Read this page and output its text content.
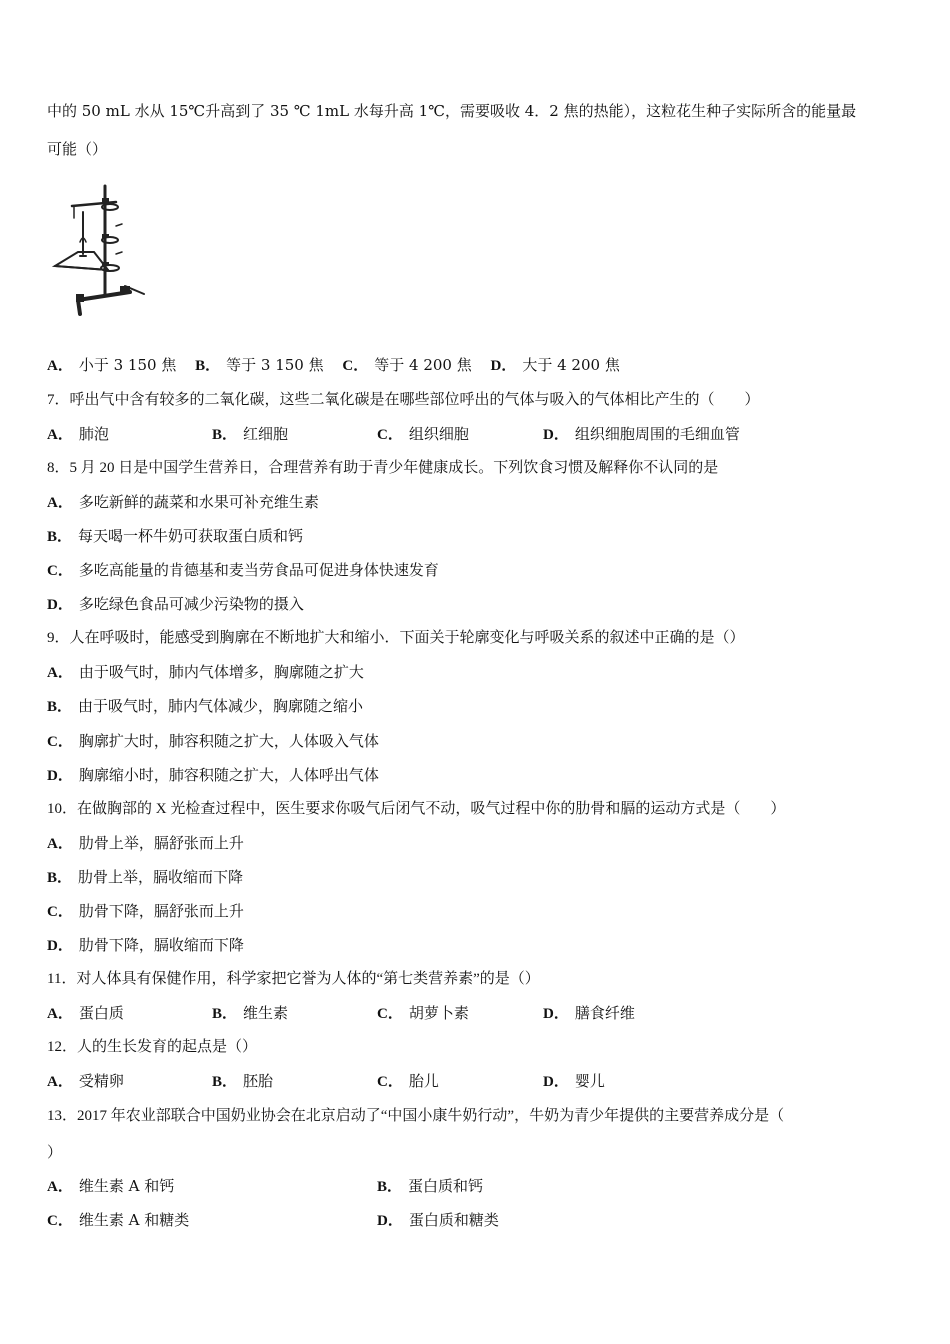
中的 50 mL 水从 15℃升高到了 35 ℃ 1mL 水每升高 1℃，需要吸收 4．2 焦的热能），这粒花生种子实际所含的能量最
可能（）
A． 小于 3 150 焦 B． 等于 3 150 焦 C． 等于 4 200 焦 D． 大于 4 200 焦
7．呼出气中含有较多的二氧化碳，这些二氧化碳是在哪些部位呼出的气体与吸入的气体相比产生的（　　）
A． 肺泡	B． 红细胞	C． 组织细胞	D． 组织细胞周围的毛细血管
8．5 月 20 日是中国学生营养日，合理营养有助于青少年健康成长。下列饮食习惯及解释你不认同的是
A． 多吃新鲜的蔬菜和水果可补充维生素
B． 每天喝一杯牛奶可获取蛋白质和钙
C． 多吃高能量的肯德基和麦当劳食品可促进身体快速发育
D． 多吃绿色食品可减少污染物的摄入
9．人在呼吸时，能感受到胸廓在不断地扩大和缩小．下面关于轮廓变化与呼吸关系的叙述中正确的是（）
A． 由于吸气时，肺内气体增多，胸廓随之扩大
B． 由于吸气时，肺内气体减少，胸廓随之缩小
C． 胸廓扩大时，肺容积随之扩大，人体吸入气体
D． 胸廓缩小时，肺容积随之扩大，人体呼出气体
10．在做胸部的 X 光检查过程中，医生要求你吸气后闭气不动，吸气过程中你的肋骨和膈的运动方式是（　　）
A． 肋骨上举，膈舒张而上升
B． 肋骨上举，膈收缩而下降
C． 肋骨下降，膈舒张而上升
D． 肋骨下降，膈收缩而下降
11．对人体具有保健作用，科学家把它誉为人体的“第七类营养素”的是（）
A． 蛋白质	B． 维生素	C． 胡萝卜素	D． 膳食纤维
12．人的生长发育的起点是（）
A． 受精卵	B． 胚胎	C． 胎儿	D． 婴儿
13．2017 年农业部联合中国奶业协会在北京启动了“中国小康牛奶行动”，牛奶为青少年提供的主要营养成分是（
）
A． 维生素 A 和钙	B． 蛋白质和钙
C． 维生素 A 和糖类	D． 蛋白质和糖类
